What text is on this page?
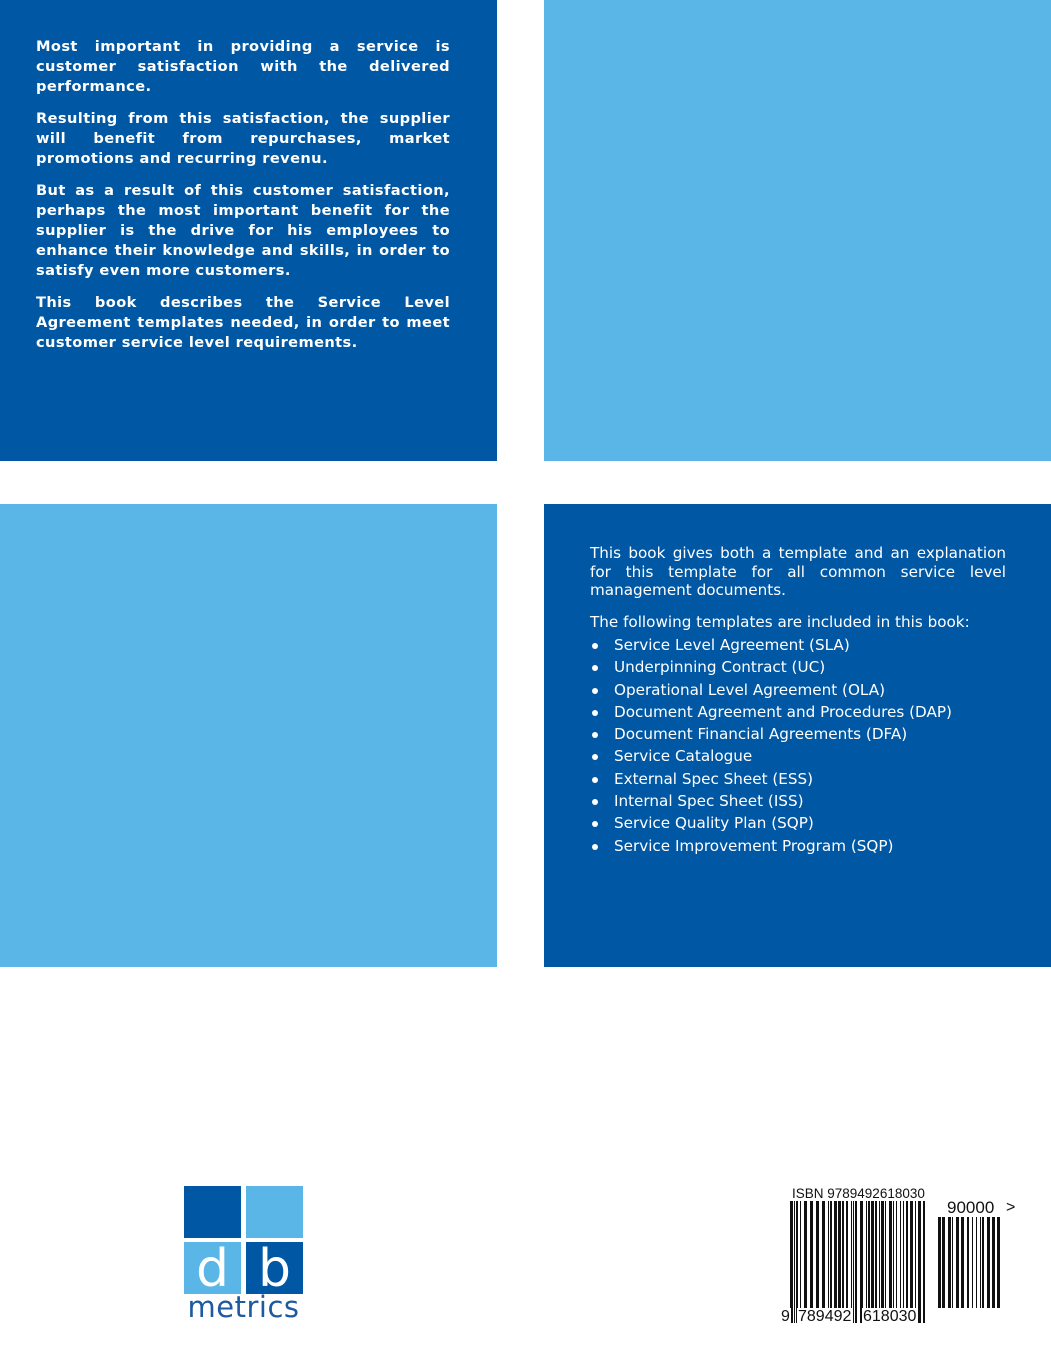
Most important in providing a service is customer satisfaction with the delivered performance.

Resulting from this satisfaction, the supplier will benefit from repurchases, market promotions and recurring revenu.

But as a result of this customer satisfaction, perhaps the most important benefit for the supplier is the drive for his employees to enhance their knowledge and skills, in order to satisfy even more customers.

This book describes the Service Level Agreement templates needed, in order to meet customer service level requirements.

This book gives both a template and an explanation for this template for all common service level management documents.

The following templates are included in this book:

Service Level Agreement (SLA)
Underpinning Contract (UC)
Operational Level Agreement (OLA)
Document Agreement and Procedures (DAP)
Document Financial Agreements (DFA)
Service Catalogue
External Spec Sheet (ESS)
Internal Spec Sheet (ISS)
Service Quality Plan (SQP)
Service Improvement Program (SQP)
d b
metrics
ISBN 9789492618030
9 789492 618030
90000 >
